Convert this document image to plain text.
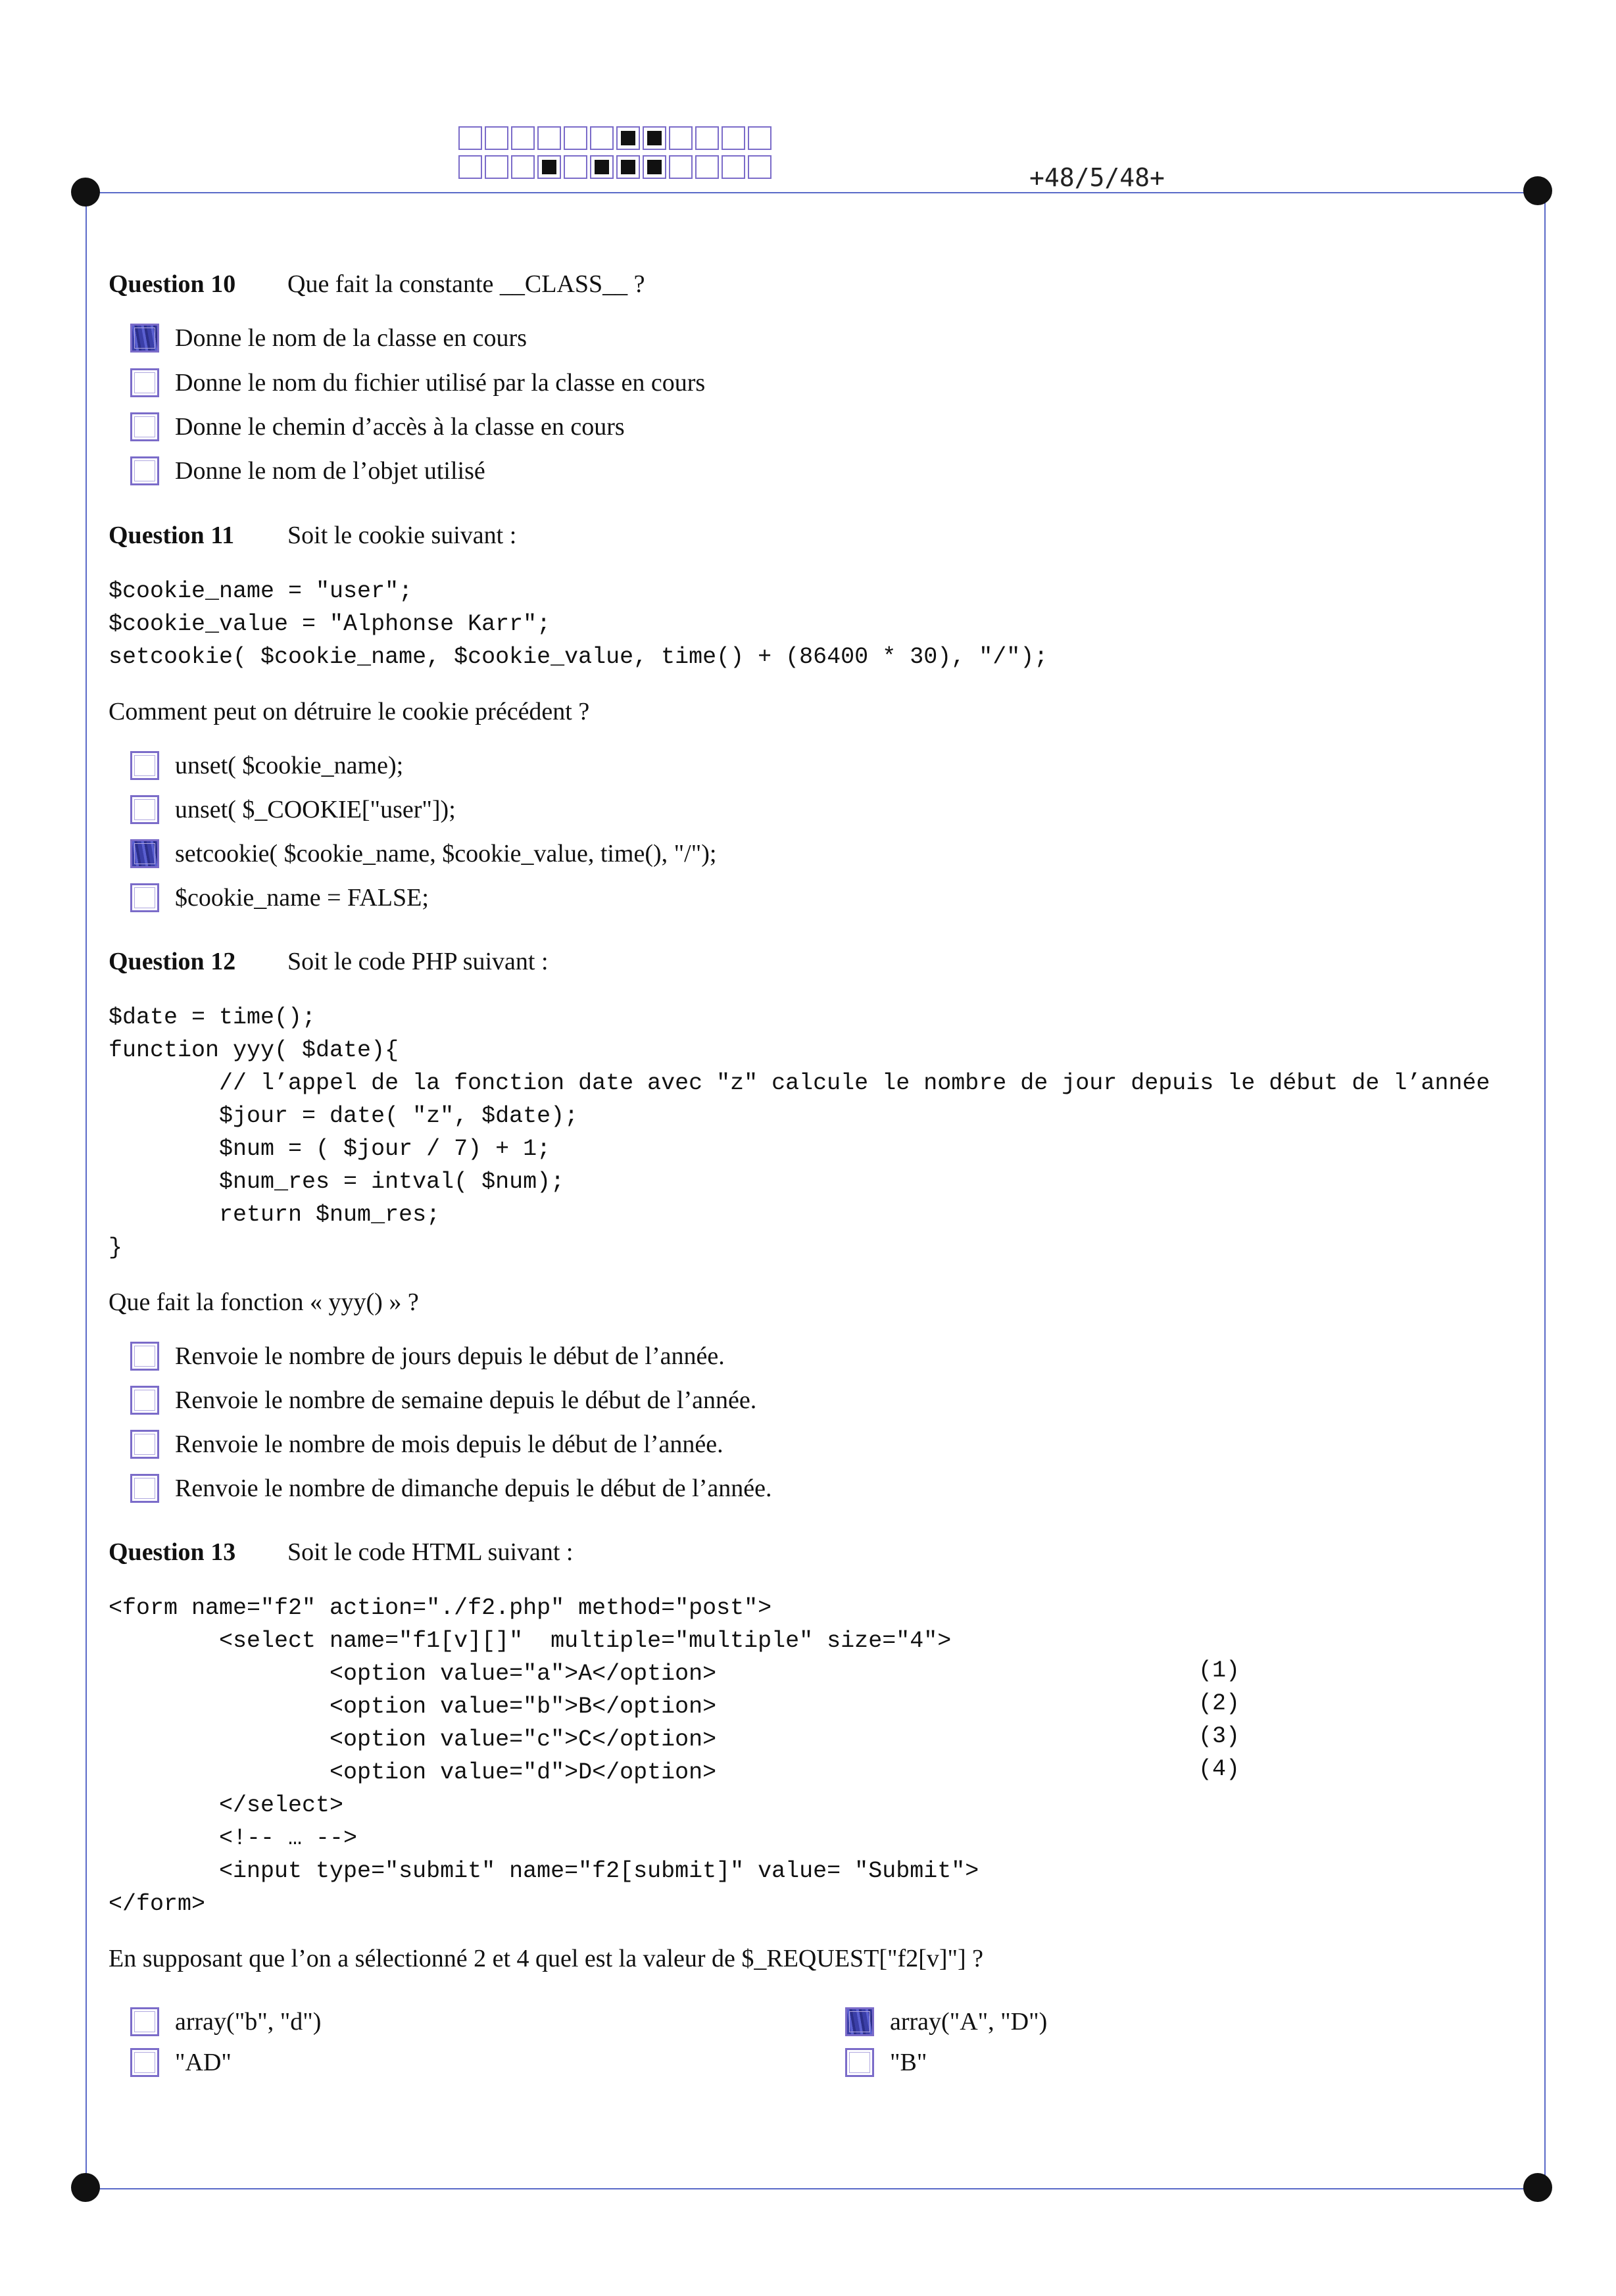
+48/5/48+
Question 10 Que fait la constante __CLASS__ ?
Donne le nom de la classe en cours
Donne le nom du fichier utilisé par la classe en cours
Donne le chemin d’accès à la classe en cours
Donne le nom de l’objet utilisé
Question 11 Soit le cookie suivant :
$cookie_name = "user";
$cookie_value = "Alphonse Karr";
setcookie( $cookie_name, $cookie_value, time() + (86400 * 30), "/");
Comment peut on détruire le cookie précédent ?
unset( $cookie_name);
unset( $_COOKIE["user"]);
setcookie( $cookie_name, $cookie_value, time(), "/");
$cookie_name = FALSE;
Question 12 Soit le code PHP suivant :
$date = time();
function yyy( $date){
// l’appel de la fonction date avec "z" calcule le nombre de jour depuis le début de l’année
$jour = date( "z", $date);
$num = ( $jour / 7) + 1;
$num_res = intval( $num);
return $num_res;
}
Que fait la fonction « yyy() » ?
Renvoie le nombre de jours depuis le début de l’année.
Renvoie le nombre de semaine depuis le début de l’année.
Renvoie le nombre de mois depuis le début de l’année.
Renvoie le nombre de dimanche depuis le début de l’année.
Question 13 Soit le code HTML suivant :
<form name="f2" action="./f2.php" method="post">
<select name="f1[v][]"  multiple="multiple" size="4">
<option value="a">A</option>
<option value="b">B</option>
<option value="c">C</option>
<option value="d">D</option>
</select>
<!-- … -->
<input type="submit" name="f2[submit]" value= "Submit">
</form>
(1)
(2)
(3)
(4)
En supposant que l’on a sélectionné 2 et 4 quel est la valeur de $_REQUEST["f2[v]"] ?
array("b", "d")	array("A", "D")
"AD"	"B"
